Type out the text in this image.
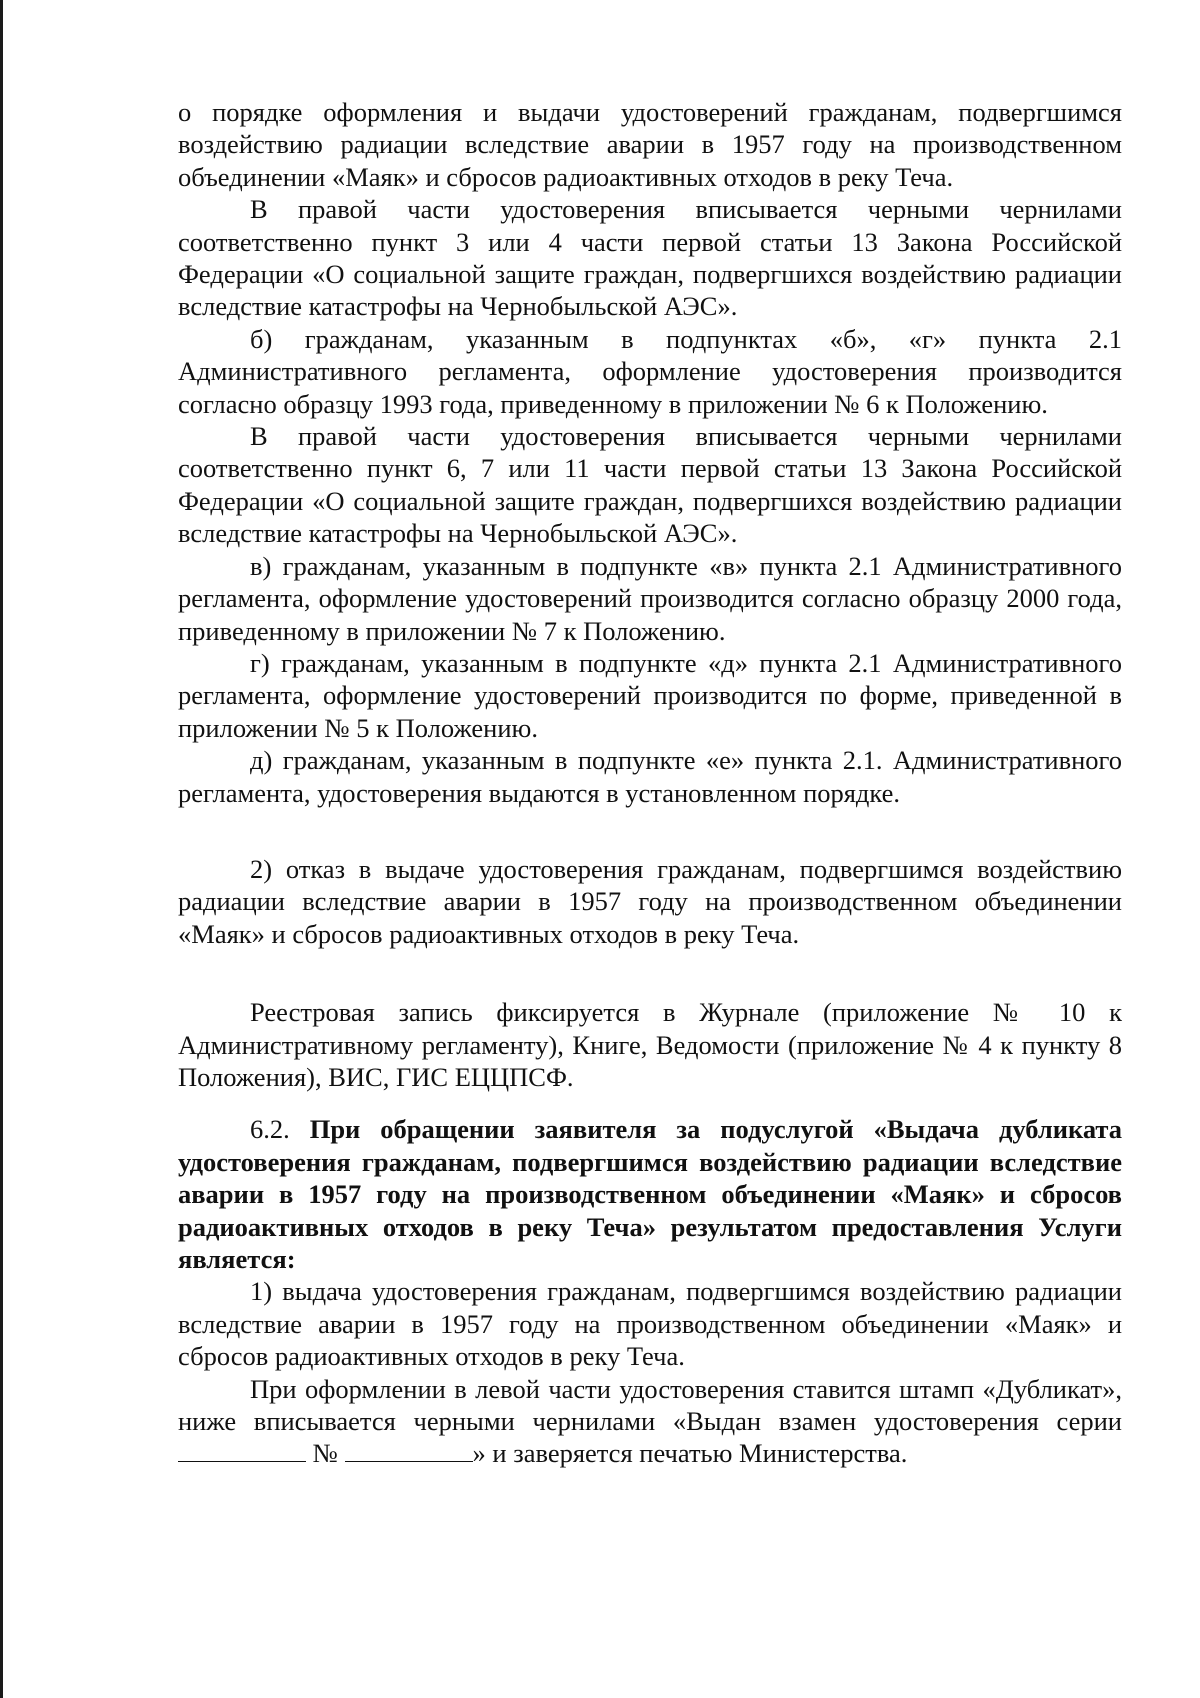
о порядке оформления и выдачи удостоверений гражданам, подвергшимся воздействию радиации вследствие аварии в 1957 году на производственном объединении «Маяк» и сбросов радиоактивных отходов в реку Теча.

В правой части удостоверения вписывается черными чернилами соответственно пункт 3 или 4 части первой статьи 13 Закона Российской Федерации «О социальной защите граждан, подвергшихся воздействию радиации вследствие катастрофы на Чернобыльской АЭС».

б) гражданам, указанным в подпунктах «б», «г» пункта 2.1 Административного регламента, оформление удостоверения производится согласно образцу 1993 года, приведенному в приложении № 6 к Положению.

В правой части удостоверения вписывается черными чернилами соответственно пункт 6, 7 или 11 части первой статьи 13 Закона Российской Федерации «О социальной защите граждан, подвергшихся воздействию радиации вследствие катастрофы на Чернобыльской АЭС».

в) гражданам, указанным в подпункте «в» пункта 2.1 Административного регламента, оформление удостоверений производится согласно образцу 2000 года, приведенному в приложении № 7 к Положению.

г) гражданам, указанным в подпункте «д» пункта 2.1 Административного регламента, оформление удостоверений производится по форме, приведенной в приложении № 5 к Положению.

д) гражданам, указанным в подпункте «е» пункта 2.1. Административного регламента, удостоверения выдаются в установленном порядке.

2) отказ в выдаче удостоверения гражданам, подвергшимся воздействию радиации вследствие аварии в 1957 году на производственном объединении «Маяк» и сбросов радиоактивных отходов в реку Теча.

Реестровая запись фиксируется в Журнале (приложение № 10 к Административному регламенту), Книге, Ведомости (приложение № 4 к пункту 8 Положения), ВИС, ГИС ЕЦЦПСФ.

6.2. При обращении заявителя за подуслугой «Выдача дубликата удостоверения гражданам, подвергшимся воздействию радиации вследствие аварии в 1957 году на производственном объединении «Маяк» и сбросов радиоактивных отходов в реку Теча» результатом предоставления Услуги является:

1) выдача удостоверения гражданам, подвергшимся воздействию радиации вследствие аварии в 1957 году на производственном объединении «Маяк» и сбросов радиоактивных отходов в реку Теча.

При оформлении в левой части удостоверения ставится штамп «Дубликат», ниже вписывается черными чернилами «Выдан взамен удостоверения серии  №	» и заверяется печатью Министерства.
